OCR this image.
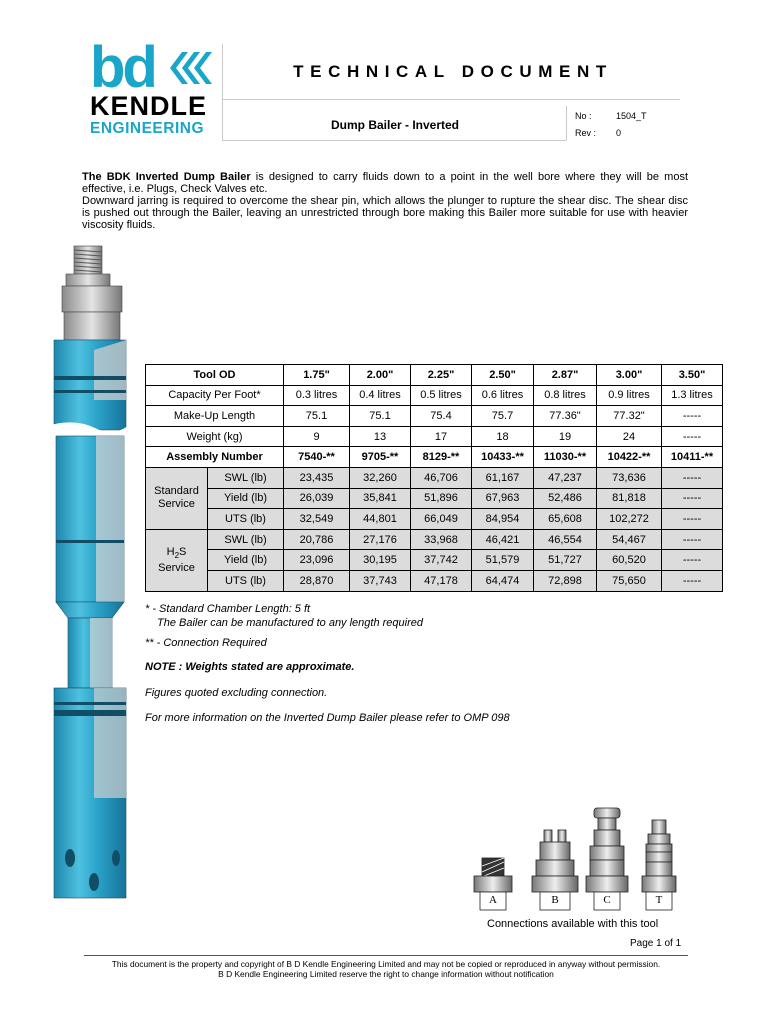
bd
KENDLE
ENGINEERING
TECHNICAL DOCUMENT
Dump Bailer - Inverted
No :	1504_T
Rev : 0
The BDK Inverted Dump Bailer is designed to carry fluids down to a point in the well bore where they will be most effective, i.e. Plugs, Check Valves etc.
Downward jarring is required to overcome the shear pin, which allows the plunger to rupture the shear disc. The shear disc is pushed out through the Bailer, leaving an unrestricted through bore making this Bailer more suitable for use with heavier viscosity fluids.
Tool OD		1.75"	2.00"	2.25"	2.50"	2.87"	3.00"	3.50"
Capacity Per Foot*		0.3 litres	0.4 litres	0.5 litres	0.6 litres	0.8 litres	0.9 litres	1.3 litres
Make-Up Length		75.1	75.1	75.4	75.7	77.36"	77.32"	-----
Weight (kg)		9	13	17	18	19	24	-----
Assembly Number		7540-**	9705-**	8129-**	10433-**	11030-**	10422-**	10411-**
Standard
Service	SWL (lb)	23,435	32,260	46,706	61,167	47,237	73,636	-----
	Yield (lb)	26,039	35,841	51,896	67,963	52,486	81,818	-----
	UTS (lb)	32,549	44,801	66,049	84,954	65,608	102,272	-----
$H_2S$
Service	SWL (lb)	20,786	27,176	33,968	46,421	46,554	54,467	-----
	Yield (lb)	23,096	30,195	37,742	51,579	51,727	60,520	-----
	UTS (lb)	28,870	37,743	47,178	64,474	72,898	75,650	-----
* - Standard Chamber Length: 5 ft
The Bailer can be manufactured to any length required
** - Connection Required
NOTE : Weights stated are approximate.
Figures quoted excluding connection.
For more information on the Inverted Dump Bailer please refer to OMP 098
A	B	C	T
Connections available with this tool
Page 1 of 1
This document is the property and copyright of B D Kendle Engineering Limited and may not be copied or reproduced in anyway without permission.
B D Kendle Engineering Limited reserve the right to change information without notification
